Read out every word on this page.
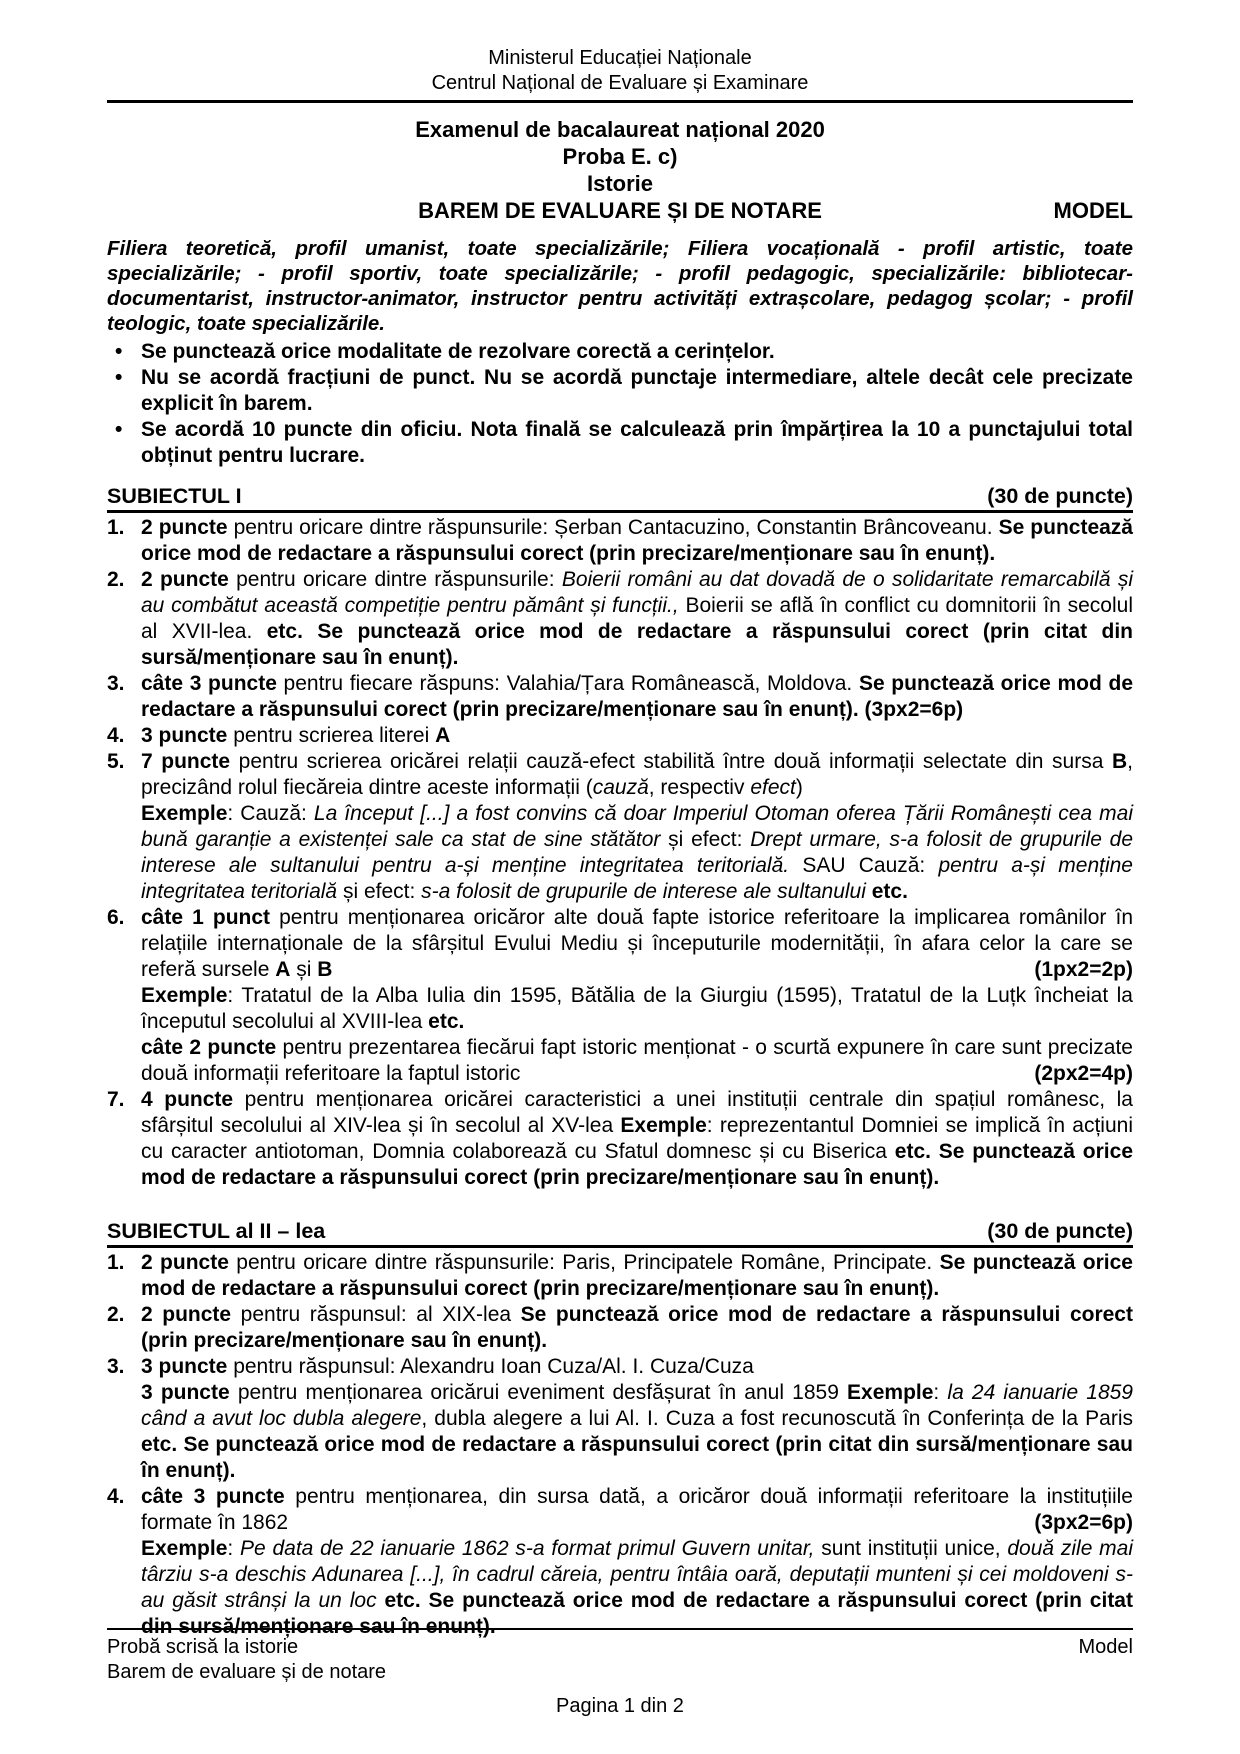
Ministerul Educației Naționale
Centrul Național de Evaluare și Examinare
Examenul de bacalaureat național 2020
Proba E. c)
Istorie
BAREM DE EVALUARE ȘI DE NOTARE	MODEL

Filiera teoretică, profil umanist, toate specializările; Filiera vocațională - profil artistic, toate specializările; - profil sportiv, toate specializările; - profil pedagogic, specializările: bibliotecar-documentarist, instructor-animator, instructor pentru activități extrașcolare, pedagog școlar; - profil teologic, toate specializările.

• Se punctează orice modalitate de rezolvare corectă a cerințelor.
• Nu se acordă fracțiuni de punct. Nu se acordă punctaje intermediare, altele decât cele precizate explicit în barem.
• Se acordă 10 puncte din oficiu. Nota finală se calculează prin împărțirea la 10 a punctajului total obținut pentru lucrare.
SUBIECTUL I	(30 de puncte)
1. 2 puncte pentru oricare dintre răspunsurile: Șerban Cantacuzino, Constantin Brâncoveanu. Se punctează orice mod de redactare a răspunsului corect (prin precizare/menționare sau în enunț).

2. 2 puncte pentru oricare dintre răspunsurile: Boierii români au dat dovadă de o solidaritate remarcabilă și au combătut această competiție pentru pământ și funcții., Boierii se află în conflict cu domnitorii în secolul al XVII-lea. etc. Se punctează orice mod de redactare a răspunsului corect (prin citat din sursă/menționare sau în enunț).

3. câte 3 puncte pentru fiecare răspuns: Valahia/Țara Românească, Moldova. Se punctează orice mod de redactare a răspunsului corect (prin precizare/menționare sau în enunț). (3px2=6p)

4. 3 puncte pentru scrierea literei A

5. 7 puncte pentru scrierea oricărei relații cauză-efect stabilită între două informații selectate din sursa B, precizând rolul fiecăreia dintre aceste informații (cauză, respectiv efect)

Exemple: Cauză: La început [...] a fost convins că doar Imperiul Otoman oferea Țării Românești cea mai bună garanție a existenței sale ca stat de sine stătător și efect: Drept urmare, s-a folosit de grupurile de interese ale sultanului pentru a-și menține integritatea teritorială. SAU Cauză: pentru a-și menține integritatea teritorială și efect: s-a folosit de grupurile de interese ale sultanului etc.

6. câte 1 punct pentru menționarea oricăror alte două fapte istorice referitoare la implicarea românilor în relațiile internaționale de la sfârșitul Evului Mediu și începuturile modernității, în afara celor la care se referă sursele A și B	(1px2=2p)

Exemple: Tratatul de la Alba Iulia din 1595, Bătălia de la Giurgiu (1595), Tratatul de la Luțk încheiat la începutul secolului al XVIII-lea etc.

câte 2 puncte pentru prezentarea fiecărui fapt istoric menționat - o scurtă expunere în care sunt precizate două informații referitoare la faptul istoric	(2px2=4p)

7. 4 puncte pentru menționarea oricărei caracteristici a unei instituții centrale din spațiul românesc, la sfârșitul secolului al XIV-lea și în secolul al XV-lea Exemple: reprezentantul Domniei se implică în acțiuni cu caracter antiotoman, Domnia colaborează cu Sfatul domnesc și cu Biserica etc. Se punctează orice mod de redactare a răspunsului corect (prin precizare/menționare sau în enunț).

SUBIECTUL al II – lea	(30 de puncte)
1. 2 puncte pentru oricare dintre răspunsurile: Paris, Principatele Române, Principate. Se punctează orice mod de redactare a răspunsului corect (prin precizare/menționare sau în enunț).

2. 2 puncte pentru răspunsul: al XIX-lea Se punctează orice mod de redactare a răspunsului corect (prin precizare/menționare sau în enunț).

3. 3 puncte pentru răspunsul: Alexandru Ioan Cuza/Al. I. Cuza/Cuza

3 puncte pentru menționarea oricărui eveniment desfășurat în anul 1859 Exemple: la 24 ianuarie 1859 când a avut loc dubla alegere, dubla alegere a lui Al. I. Cuza a fost recunoscută în Conferința de la Paris etc. Se punctează orice mod de redactare a răspunsului corect (prin citat din sursă/menționare sau în enunț).

4. câte 3 puncte pentru menționarea, din sursa dată, a oricăror două informații referitoare la instituțiile formate în 1862	(3px2=6p)

Exemple: Pe data de 22 ianuarie 1862 s-a format primul Guvern unitar, sunt instituții unice, două zile mai târziu s-a deschis Adunarea [...], în cadrul căreia, pentru întâia oară, deputații munteni și cei moldoveni s-au găsit strânși la un loc etc. Se punctează orice mod de redactare a răspunsului corect (prin citat din sursă/menționare sau în enunț).

Probă scrisă la istorie	Model
Barem de evaluare și de notare
Pagina 1 din 2
